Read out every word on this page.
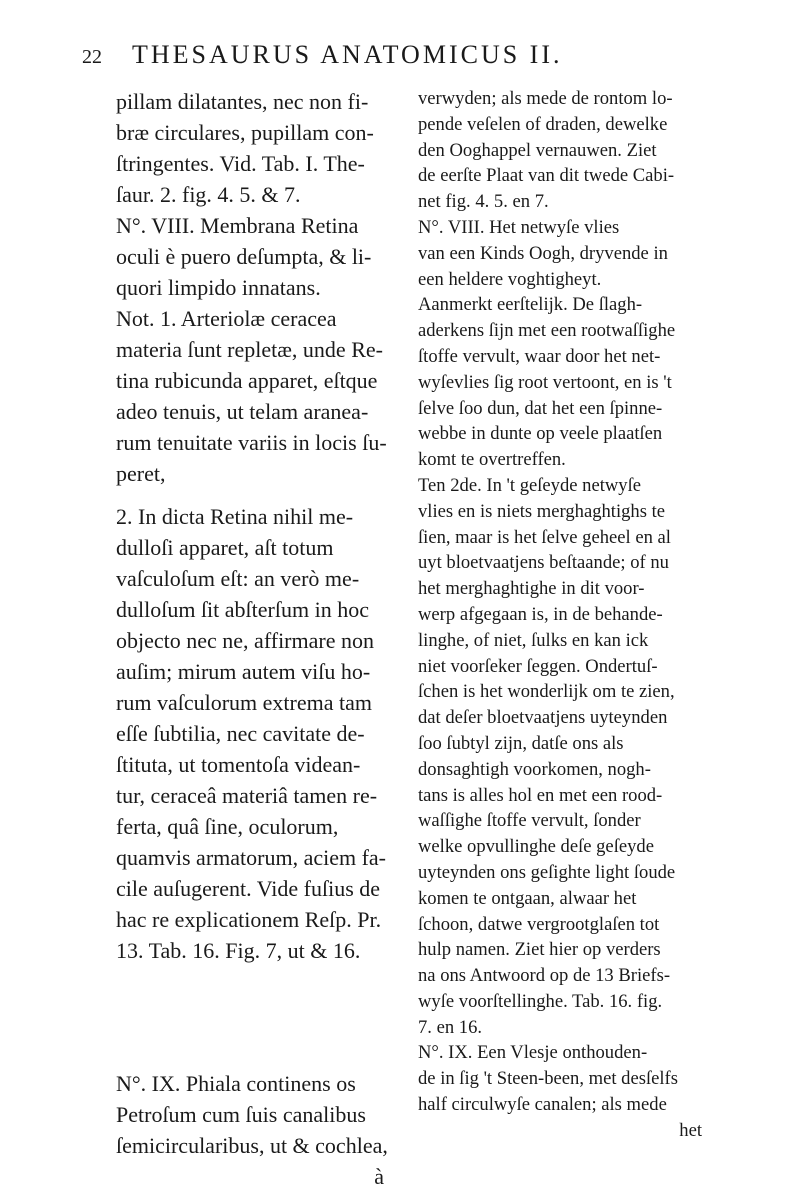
22 THESAURUS ANATOMICUS II.
pillam dilatantes, nec non fi-
bræ circulares, pupillam con-
ſtringentes. Vid. Tab. I. The-
ſaur. 2. fig. 4. 5. & 7.
N°. VIII. Membrana Retina
oculi è puero deſumpta, & li-
quori limpido innatans.
Not. 1. Arteriolæ ceracea
materia ſunt repletæ, unde Re-
tina rubicunda apparet, eſtque
adeo tenuis, ut telam aranea-
rum tenuitate variis in locis ſu-
peret,
2. In dicta Retina nihil me-
dulloſi apparet, aſt totum
vaſculoſum eſt: an verò me-
dulloſum ſit abſterſum in hoc
objecto nec ne, affirmare non
auſim; mirum autem viſu ho-
rum vaſculorum extrema tam
eſſe ſubtilia, nec cavitate de-
ſtituta, ut tomentoſa videan-
tur, ceraceâ materiâ tamen re-
ferta, quâ ſine, oculorum,
quamvis armatorum, aciem fa-
cile auſugerent. Vide fuſius de
hac re explicationem Reſp. Pr.
13. Tab. 16. Fig. 7, ut & 16.
N°. IX. Phiala continens os
Petroſum cum ſuis canalibus
ſemicircularibus, ut & cochlea,
à
verwyden; als mede de rontom lo-
pende veſelen of draden, dewelke
den Ooghappel vernauwen. Ziet
de eerſte Plaat van dit twede Cabi-
net fig. 4. 5. en 7.
N°. VIII. Het netwyſe vlies
van een Kinds Oogh, dryvende in
een heldere voghtigheyt.
Aanmerkt eerſtelijk. De ſlagh-
aderkens ſijn met een rootwaſſighe
ſtoffe vervult, waar door het net-
wyſevlies ſig root vertoont, en is 't
ſelve ſoo dun, dat het een ſpinne-
webbe in dunte op veele plaatſen
komt te overtreffen.
Ten 2de. In 't geſeyde netwyſe
vlies en is niets merghaghtighs te
ſien, maar is het ſelve geheel en al
uyt bloetvaatjens beſtaande; of nu
het merghaghtighe in dit voor-
werp afgegaan is, in de behande-
linghe, of niet, ſulks en kan ick
niet voorſeker ſeggen. Ondertuſ-
ſchen is het wonderlijk om te zien,
dat deſer bloetvaatjens uyteynden
ſoo ſubtyl zijn, datſe ons als
donsaghtigh voorkomen, nogh-
tans is alles hol en met een rood-
waſſighe ſtoffe vervult, ſonder
welke opvullinghe deſe geſeyde
uyteynden ons geſighte light ſoude
komen te ontgaan, alwaar het
ſchoon, datwe vergrootglaſen tot
hulp namen. Ziet hier op verders
na ons Antwoord op de 13 Briefs-
wyſe voorſtellinghe. Tab. 16. fig.
7. en 16.
N°. IX. Een Vlesje onthouden-
de in ſig 't Steen-been, met desſelfs
half circulwyſe canalen; als mede
het
